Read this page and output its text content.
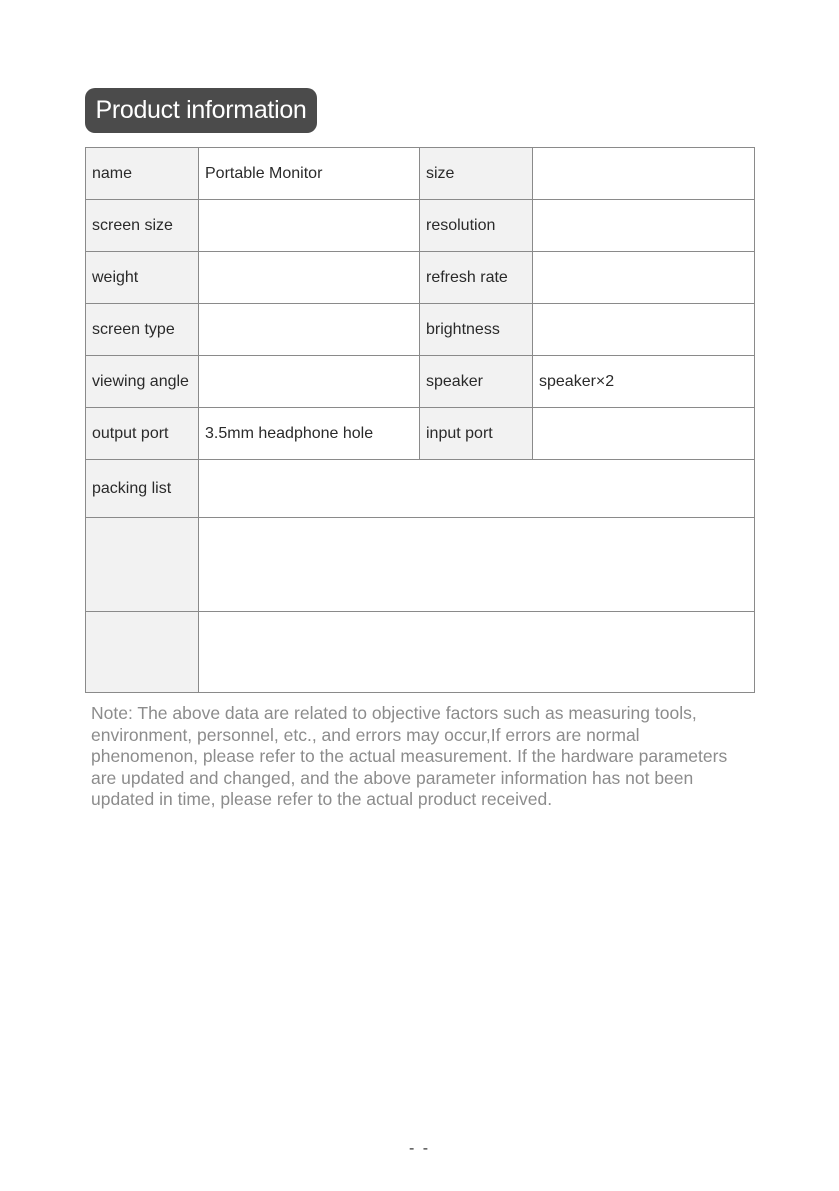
Product information
name	Portable Monitor	size	
screen size		resolution	
weight		refresh rate	
screen type		brightness	
viewing angle		speaker	speaker×2
output port	3.5mm headphone hole	input port	
packing list			

Note: The above data are related to objective factors such as measuring tools, environment, personnel, etc., and errors may occur,If errors are normal phenomenon, please refer to the actual measurement. If the hardware parameters are updated and changed, and the above parameter information has not been updated in time, please refer to the actual product received.
- -
